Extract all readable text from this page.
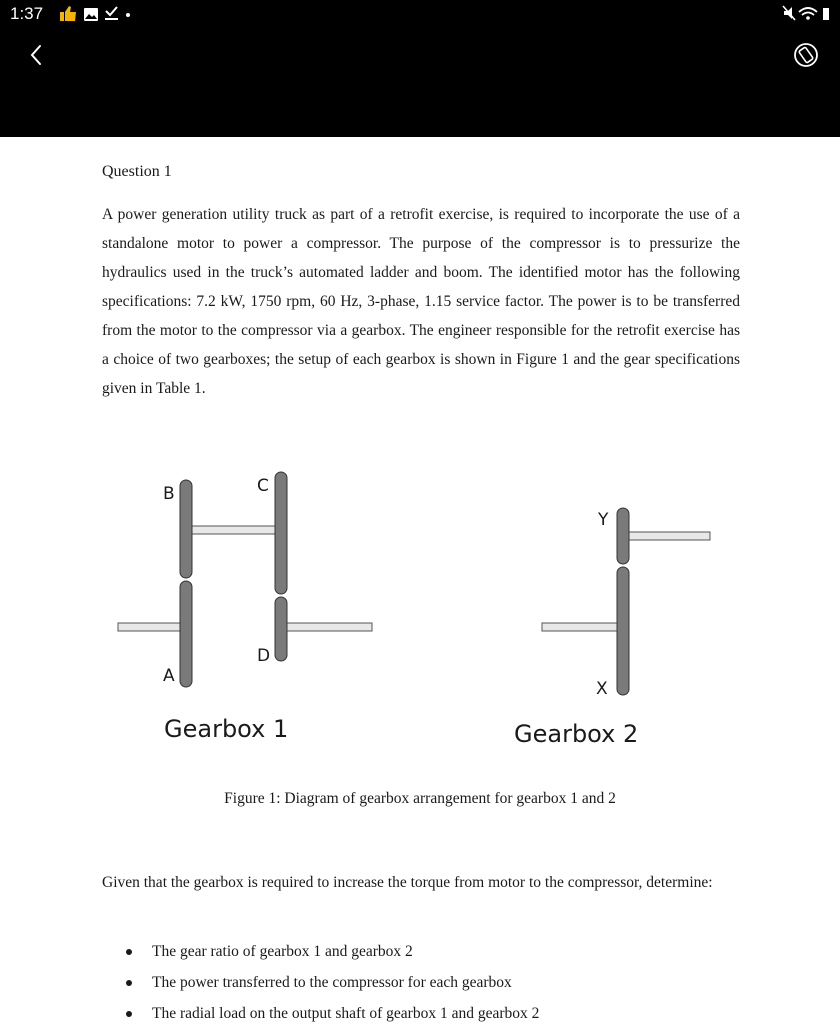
1:37
Question 1
A power generation utility truck as part of a retrofit exercise, is required to incorporate the use of a standalone motor to power a compressor. The purpose of the compressor is to pressurize the hydraulics used in the truck’s automated ladder and boom. The identified motor has the following specifications: 7.2 kW, 1750 rpm, 60 Hz, 3-phase, 1.15 service factor. The power is to be transferred from the motor to the compressor via a gearbox. The engineer responsible for the retrofit exercise has a choice of two gearboxes; the setup of each gearbox is shown in Figure 1 and the gear specifications given in Table 1.
B	C
D
A
Gearbox 1
Y
X
Gearbox 2
Figure 1: Diagram of gearbox arrangement for gearbox 1 and 2
Given that the gearbox is required to increase the torque from motor to the compressor, determine:
The gear ratio of gearbox 1 and gearbox 2
The power transferred to the compressor for each gearbox
The radial load on the output shaft of gearbox 1 and gearbox 2
